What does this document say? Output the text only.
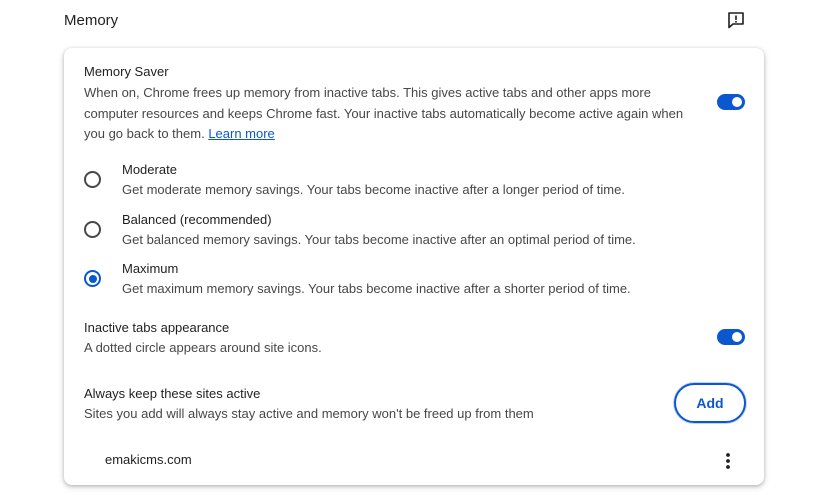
Memory
Memory Saver
When on, Chrome frees up memory from inactive tabs. This gives active tabs and other apps more computer resources and keeps Chrome fast. Your inactive tabs automatically become active again when you go back to them. Learn more
Moderate
Get moderate memory savings. Your tabs become inactive after a longer period of time.
Balanced (recommended)
Get balanced memory savings. Your tabs become inactive after an optimal period of time.
Maximum
Get maximum memory savings. Your tabs become inactive after a shorter period of time.
Inactive tabs appearance
A dotted circle appears around site icons.
Always keep these sites active
Sites you add will always stay active and memory won't be freed up from them
Add
emakicms.com
